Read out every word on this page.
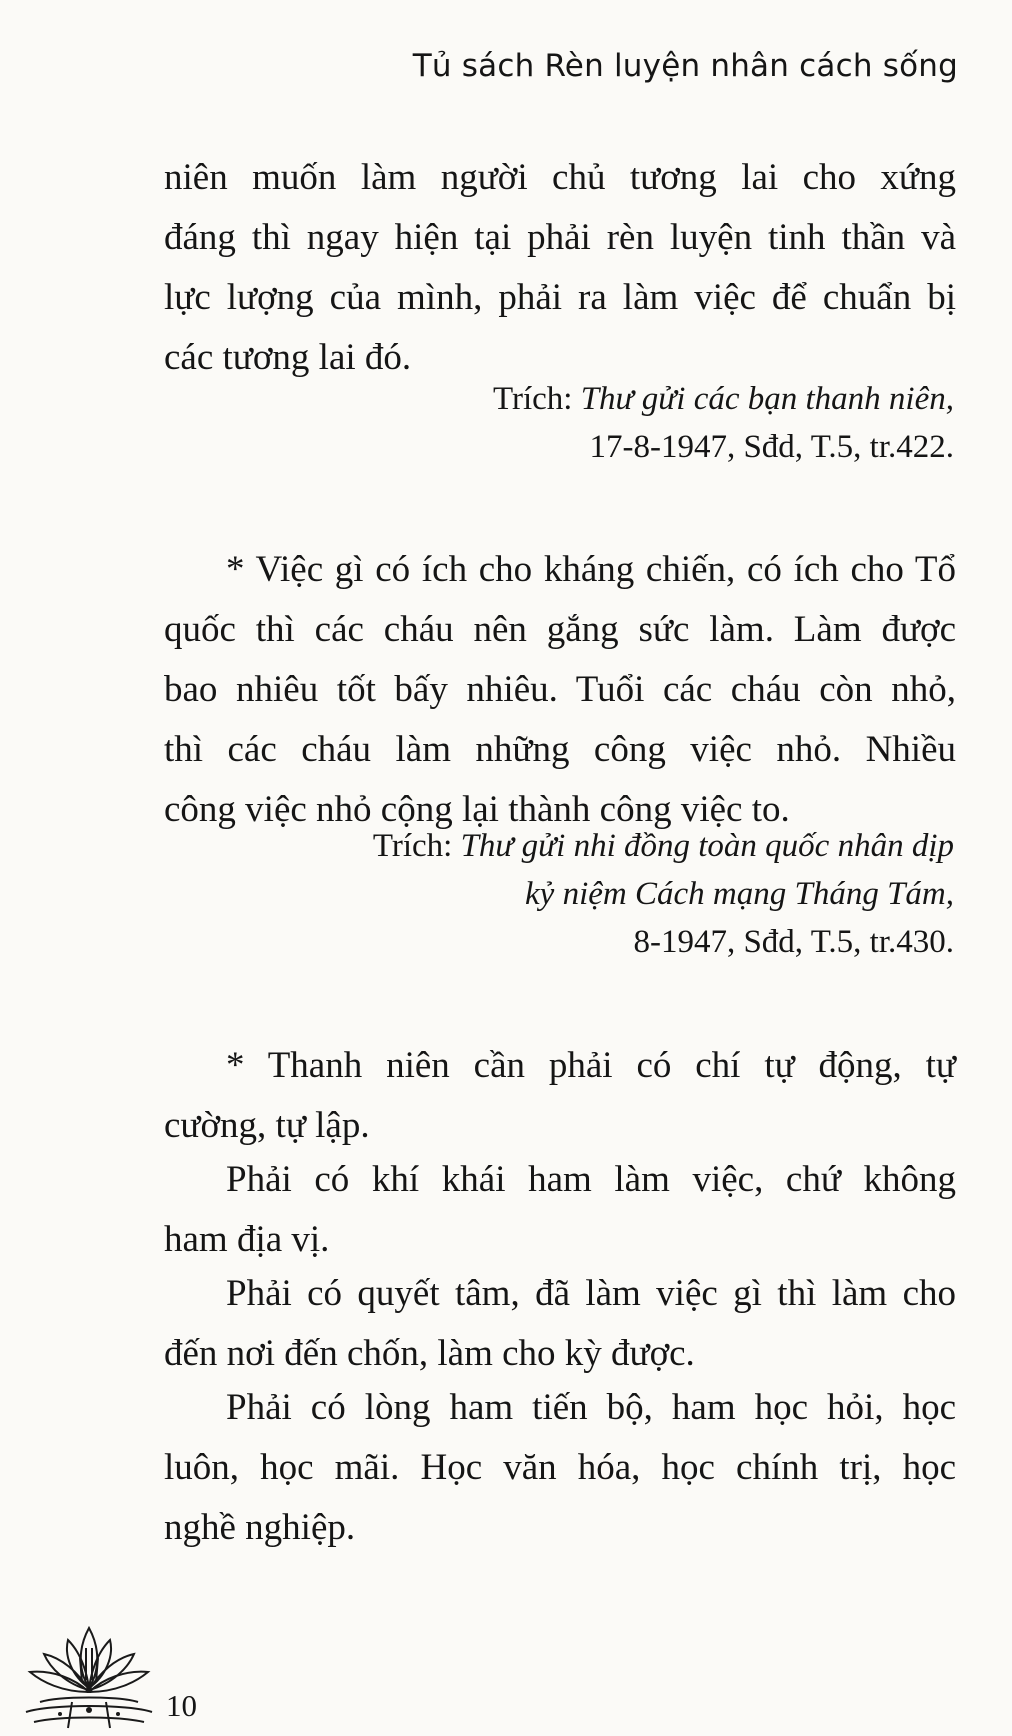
Tủ sách Rèn luyện nhân cách sống

niên muốn làm người chủ tương lai cho xứng
đáng thì ngay hiện tại phải rèn luyện tinh thần và
lực lượng của mình, phải ra làm việc để chuẩn bị
các tương lai đó.

Trích: Thư gửi các bạn thanh niên,
17-8-1947, Sđd, T.5, tr.422.

* Việc gì có ích cho kháng chiến, có ích cho Tổ
quốc thì các cháu nên gắng sức làm. Làm được
bao nhiêu tốt bấy nhiêu. Tuổi các cháu còn nhỏ,
thì các cháu làm những công việc nhỏ. Nhiều
công việc nhỏ cộng lại thành công việc to.

Trích: Thư gửi nhi đồng toàn quốc nhân dịp
kỷ niệm Cách mạng Tháng Tám,
8-1947, Sđd, T.5, tr.430.

* Thanh niên cần phải có chí tự động, tự
cường, tự lập.

Phải có khí khái ham làm việc, chứ không
ham địa vị.

Phải có quyết tâm, đã làm việc gì thì làm cho
đến nơi đến chốn, làm cho kỳ được.

Phải có lòng ham tiến bộ, ham học hỏi, học
luôn, học mãi. Học văn hóa, học chính trị, học
nghề nghiệp.

10
